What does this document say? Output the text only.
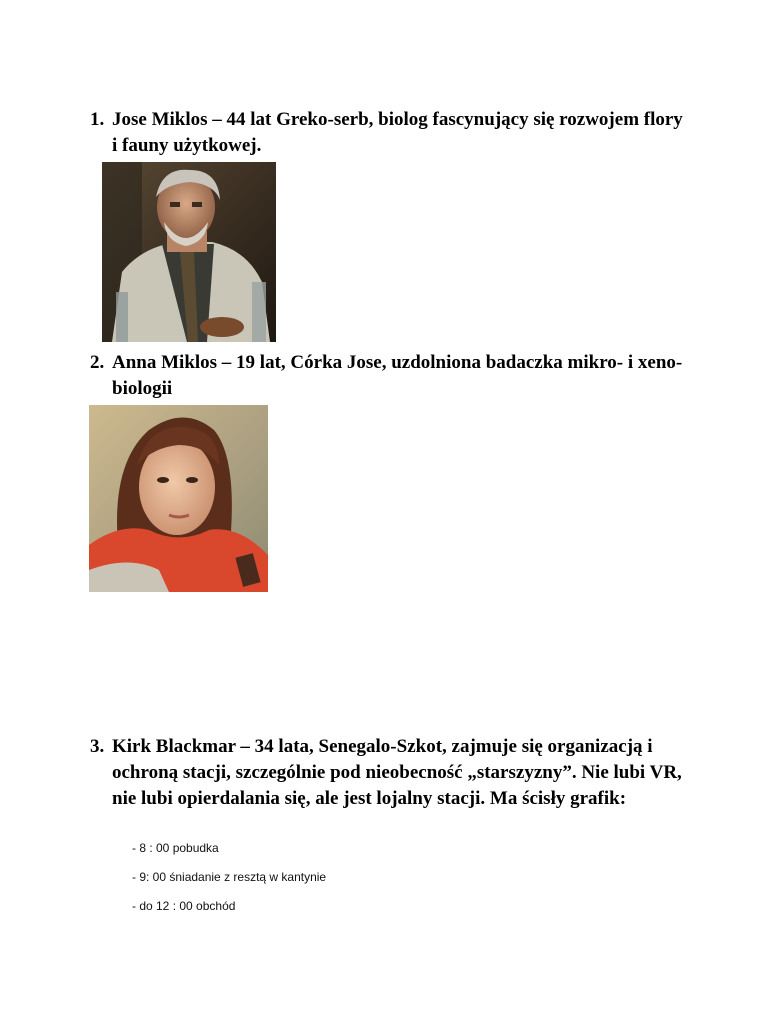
1. Jose Miklos – 44 lat Greko-serb, biolog fascynujący się rozwojem flory i fauny użytkowej.
2. Anna Miklos – 19 lat, Córka Jose, uzdolniona badaczka mikro- i xeno-biologii
3. Kirk Blackmar – 34 lata, Senegalo-Szkot, zajmuje się organizacją i ochroną stacji, szczególnie pod nieobecność „starszyzny”. Nie lubi VR, nie lubi opierdalania się, ale jest lojalny stacji. Ma ścisły grafik:
- 8 : 00 pobudka
- 9: 00 śniadanie z resztą w kantynie
- do 12 : 00 obchód
